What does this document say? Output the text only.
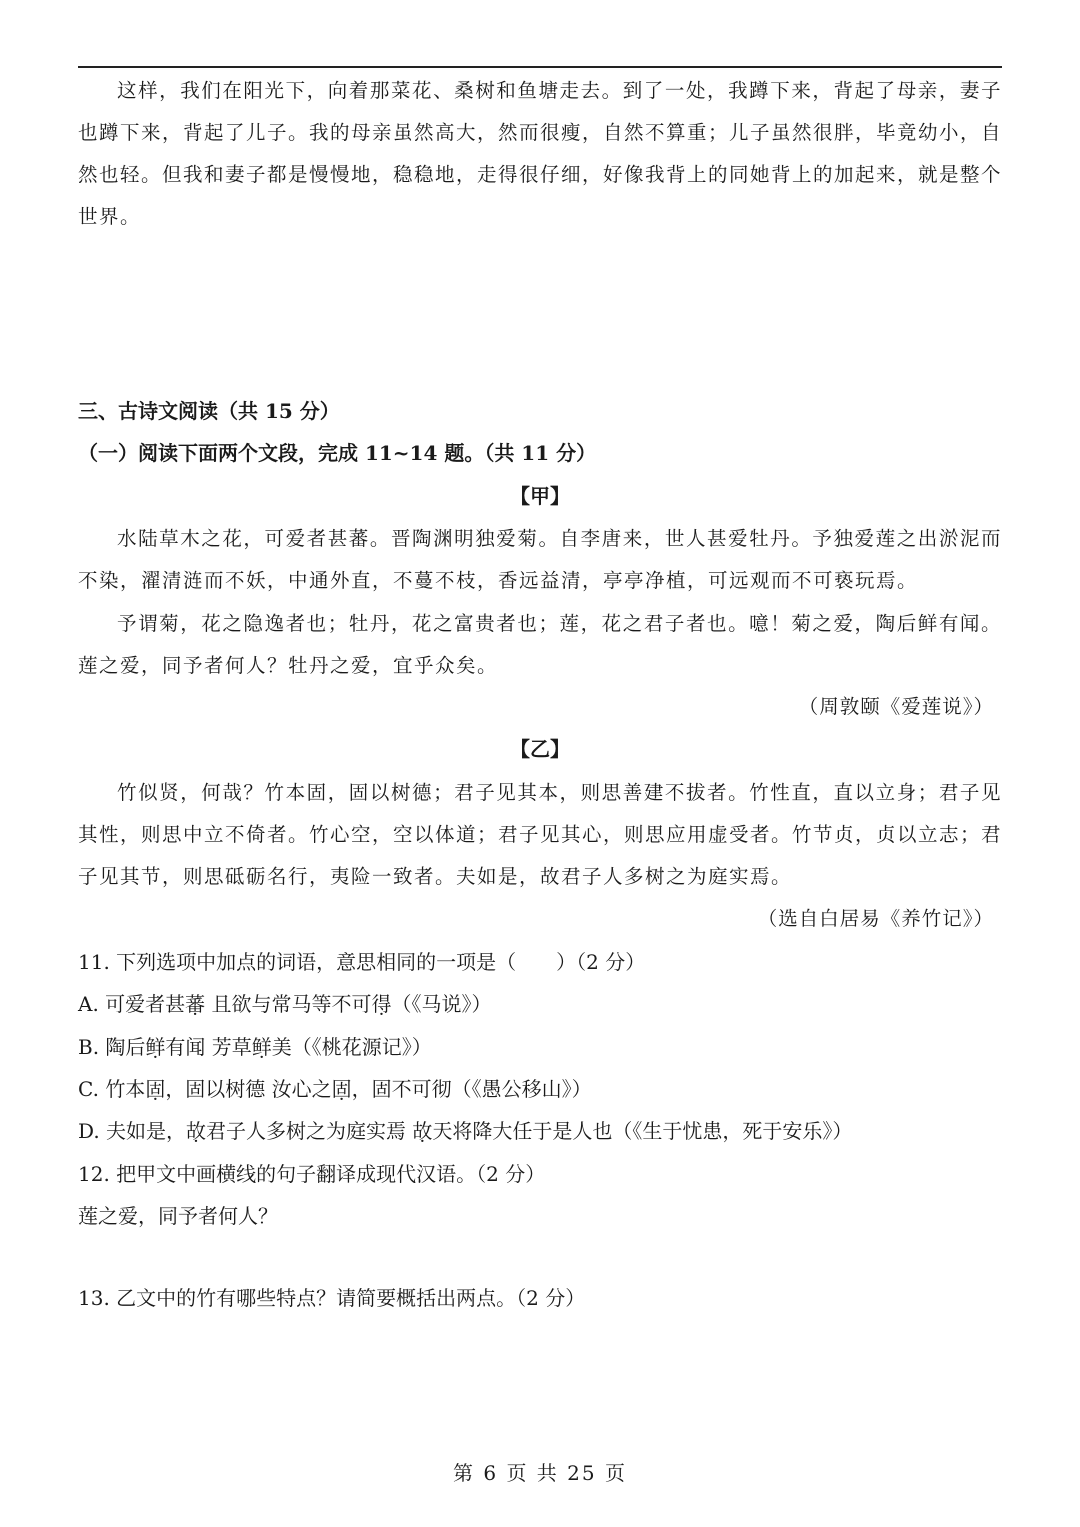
这样，我们在阳光下，向着那菜花、桑树和鱼塘走去。到了一处，我蹲下来，背起了母亲，妻子也蹲下来，背起了儿子。我的母亲虽然高大，然而很瘦，自然不算重；儿子虽然很胖，毕竟幼小，自然也轻。但我和妻子都是慢慢地，稳稳地，走得很仔细，好像我背上的同她背上的加起来，就是整个世界。

三、古诗文阅读（共 15 分）

（一）阅读下面两个文段，完成 11~14 题。（共 11 分）

【甲】

水陆草木之花，可爱者甚蕃。晋陶渊明独爱菊。自李唐来，世人甚爱牡丹。予独爱莲之出淤泥而不染，濯清涟而不妖，中通外直，不蔓不枝，香远益清，亭亭净植，可远观而不可亵玩焉。

予谓菊，花之隐逸者也；牡丹，花之富贵者也；莲，花之君子者也。噫！菊之爱，陶后鲜有闻。莲之爱，同予者何人？牡丹之爱，宜乎众矣。

（周敦颐《爱莲说》）
【乙】

竹似贤，何哉？竹本固，固以树德；君子见其本，则思善建不拔者。竹性直，直以立身；君子见其性，则思中立不倚者。竹心空，空以体道；君子见其心，则思应用虚受者。竹节贞，贞以立志；君子见其节，则思砥砺名行，夷险一致者。夫如是，故君子人多树之为庭实焉。

（选自白居易《养竹记》）

11. 下列选项中加点的词语，意思相同的一项是（　　）（2 分）

A. 可爱者甚蕃 且欲与常马等不可得（《马说》）

B. 陶后鲜有闻 芳草鲜美（《桃花源记》）

C. 竹本固，固以树德 汝心之固，固不可彻（《愚公移山》）

D. 夫如是，故君子人多树之为庭实焉 故天将降大任于是人也（《生于忧患，死于安乐》）

12. 把甲文中画横线的句子翻译成现代汉语。（2 分）

莲之爱，同予者何人？

13. 乙文中的竹有哪些特点？请简要概括出两点。（2 分）

第 6 页 共 25 页
